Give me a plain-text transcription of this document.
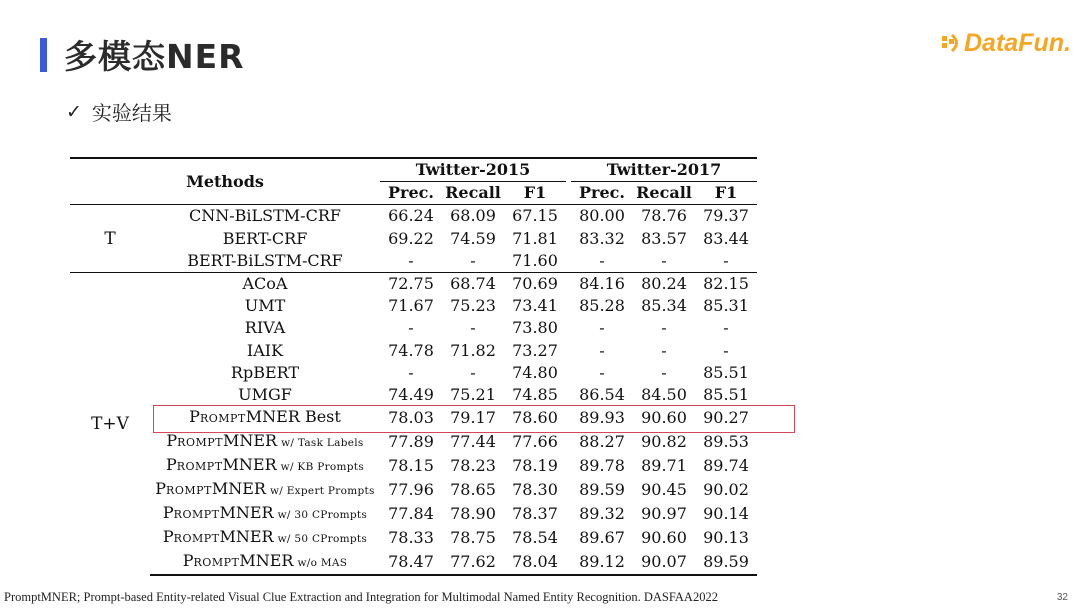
多模态NER	DataFun.
✓ 实验结果
Methods		Twitter-2015				Twitter-2017		
		Prec.	Recall	F1		Prec.	Recall	F1
T	CNN-BiLSTM-CRF	66.24	68.09	67.15		80.00	78.76	79.37
	BERT-CRF	69.22	74.59	71.81		83.32	83.57	83.44
	BERT-BiLSTM-CRF	-	-	71.60		-	-	-
T+V	ACoA	72.75	68.74	70.69		84.16	80.24	82.15
	UMT	71.67	75.23	73.41		85.28	85.34	85.31
	RIVA	-	-	73.80		-	-	-
	IAIK	74.78	71.82	73.27		-	-	-
	RpBERT	-	-	74.80		-	-	85.51
	UMGF	74.49	75.21	74.85		86.54	84.50	85.51
	PROMPTMNER Best	78.03	79.17	78.60		89.93	90.60	90.27
	PROMPTMNER w/ Task Labels	77.89	77.44	77.66		88.27	90.82	89.53
	PROMPTMNER w/ KB Prompts	78.15	78.23	78.19		89.78	89.71	89.74
	PROMPTMNER w/ Expert Prompts	77.96	78.65	78.30		89.59	90.45	90.02
	PROMPTMNER w/ 30 CPrompts	77.84	78.90	78.37		89.32	90.97	90.14
	PROMPTMNER w/ 50 CPrompts	78.33	78.75	78.54		89.67	90.60	90.13
	PROMPTMNER w/o MAS	78.47	77.62	78.04		89.12	90.07	89.59
PromptMNER; Prompt-based Entity-related Visual Clue Extraction and Integration for Multimodal Named Entity Recognition. DASFAA2022	32
